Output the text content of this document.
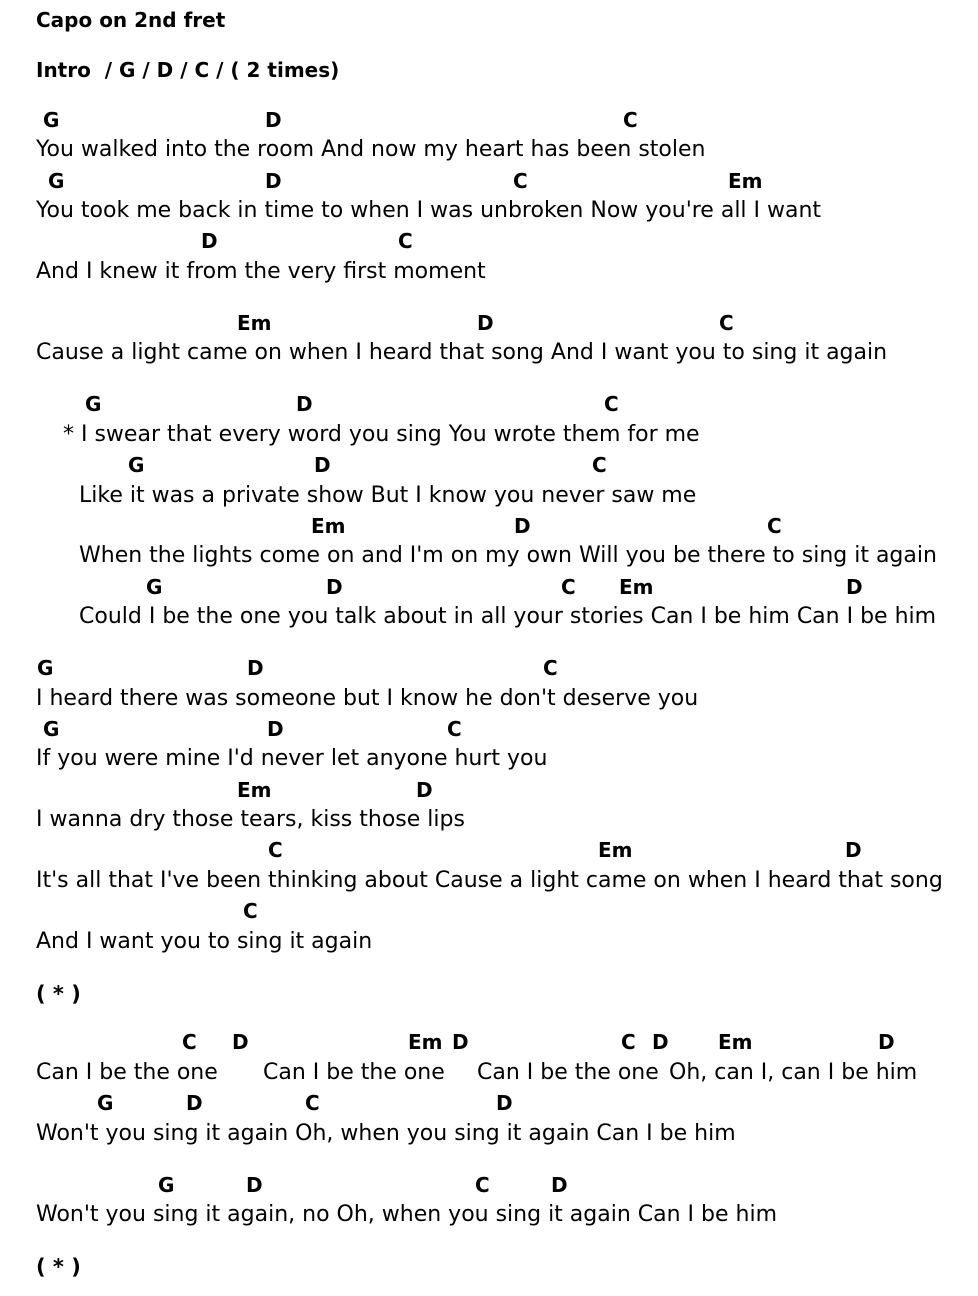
Capo on 2nd fret
Intro  / G / D / C / ( 2 times)
G	D	C
You walked into the room And now my heart has been stolen
G	D	C	Em
You took me back in time to when I was unbroken Now you're all I want
D	C
And I knew it from the very first moment
Em	D	C
Cause a light came on when I heard that song And I want you to sing it again
G	D	C
* I swear that every word you sing You wrote them for me
G	D	C
Like it was a private show But I know you never saw me
Em	D	C
When the lights come on and I'm on my own Will you be there to sing it again
G	D	C Em	D
Could I be the one you talk about in all your stories Can I be him Can I be him
G	D	C
I heard there was someone but I know he don't deserve you
G	D	C
If you were mine I'd never let anyone hurt you
Em	D
I wanna dry those tears, kiss those lips
C	Em	D
It's all that I've been thinking about Cause a light came on when I heard that song
C
And I want you to sing it again
( * )
C D	Em D	C D Em	D
Can I be the one Can I be the one Can I be the one Oh, can I, can I be him
G	D	C	D
Won't you sing it again Oh, when you sing it again Can I be him
G	D	C	D
Won't you sing it again, no Oh, when you sing it again Can I be him
( * )
